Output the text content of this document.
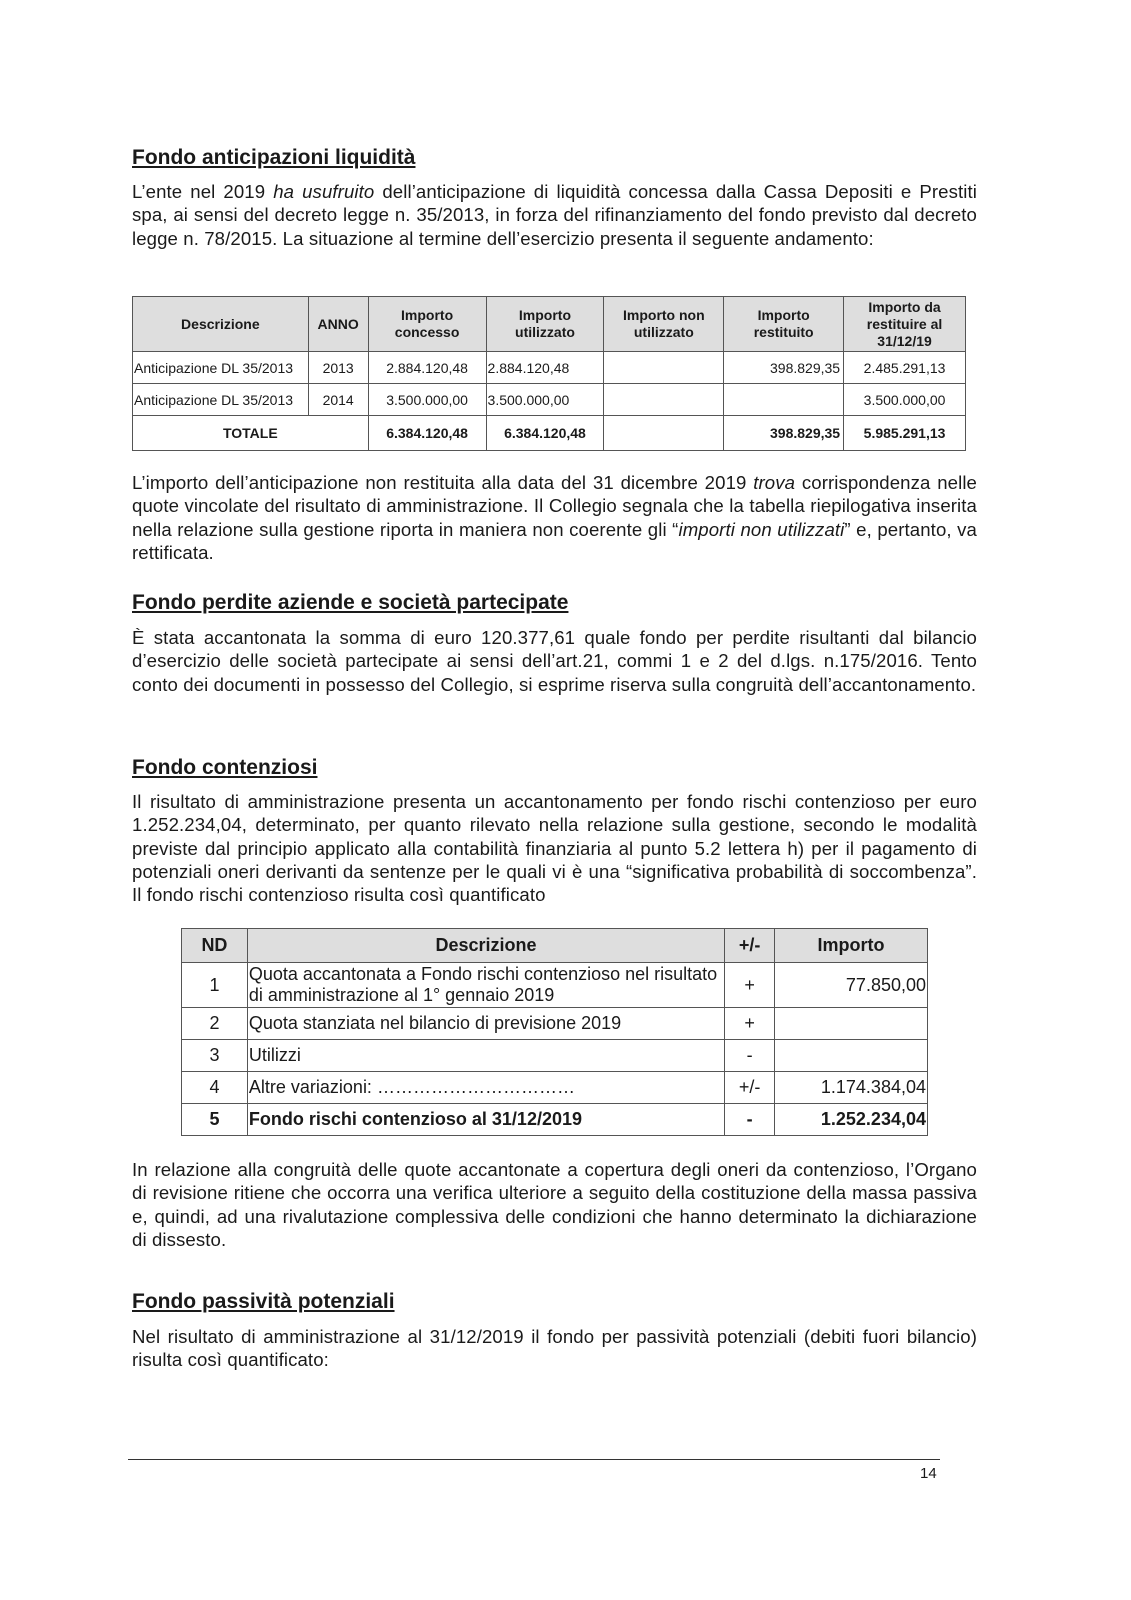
Fondo anticipazioni liquidità

L’ente nel 2019 ha usufruito dell’anticipazione di liquidità concessa dalla Cassa Depositi e Prestiti spa, ai sensi del decreto legge n. 35/2013, in forza del rifinanziamento del fondo previsto dal decreto legge n. 78/2015. La situazione al termine dell’esercizio presenta il seguente andamento:

Descrizione	ANNO	Importo concesso	Importo utilizzato	Importo non utilizzato	Importo restituito	Importo da restituire al 31/12/19
Anticipazione DL 35/2013	2013	2.884.120,48	2.884.120,48		398.829,35	2.485.291,13
Anticipazione DL 35/2013	2014	3.500.000,00	3.500.000,00			3.500.000,00
TOTALE		6.384.120,48	6.384.120,48		398.829,35	5.985.291,13

L’importo dell’anticipazione non restituita alla data del 31 dicembre 2019 trova corrispondenza nelle quote vincolate del risultato di amministrazione. Il Collegio segnala che la tabella riepilogativa inserita nella relazione sulla gestione riporta in maniera non coerente gli “importi non utilizzati” e, pertanto, va rettificata.

Fondo perdite aziende e società partecipate

È stata accantonata la somma di euro 120.377,61 quale fondo per perdite risultanti dal bilancio d’esercizio delle società partecipate ai sensi dell’art.21, commi 1 e 2 del d.lgs. n.175/2016. Tento conto dei documenti in possesso del Collegio, si esprime riserva sulla congruità dell’accantonamento.

Fondo contenziosi

Il risultato di amministrazione presenta un accantonamento per fondo rischi contenzioso per euro 1.252.234,04, determinato, per quanto rilevato nella relazione sulla gestione, secondo le modalità previste dal principio applicato alla contabilità finanziaria al punto 5.2 lettera h) per il pagamento di potenziali oneri derivanti da sentenze per le quali vi è una “significativa probabilità di soccombenza”. Il fondo rischi contenzioso risulta così quantificato

ND	Descrizione	+/-	Importo
1	Quota accantonata a Fondo rischi contenzioso nel risultato di amministrazione al 1° gennaio 2019	+	77.850,00
2	Quota stanziata nel bilancio di previsione 2019	+	
3	Utilizzi	-	
4	Altre variazioni: ……………………………	+/-	1.174.384,04
5	Fondo rischi contenzioso al 31/12/2019	-	1.252.234,04

In relazione alla congruità delle quote accantonate a copertura degli oneri da contenzioso, l’Organo di revisione ritiene che occorra una verifica ulteriore a seguito della costituzione della massa passiva e, quindi, ad una rivalutazione complessiva delle condizioni che hanno determinato la dichiarazione di dissesto.

Fondo passività potenziali

Nel risultato di amministrazione al 31/12/2019 il fondo per passività potenziali (debiti fuori bilancio) risulta così quantificato:

14
